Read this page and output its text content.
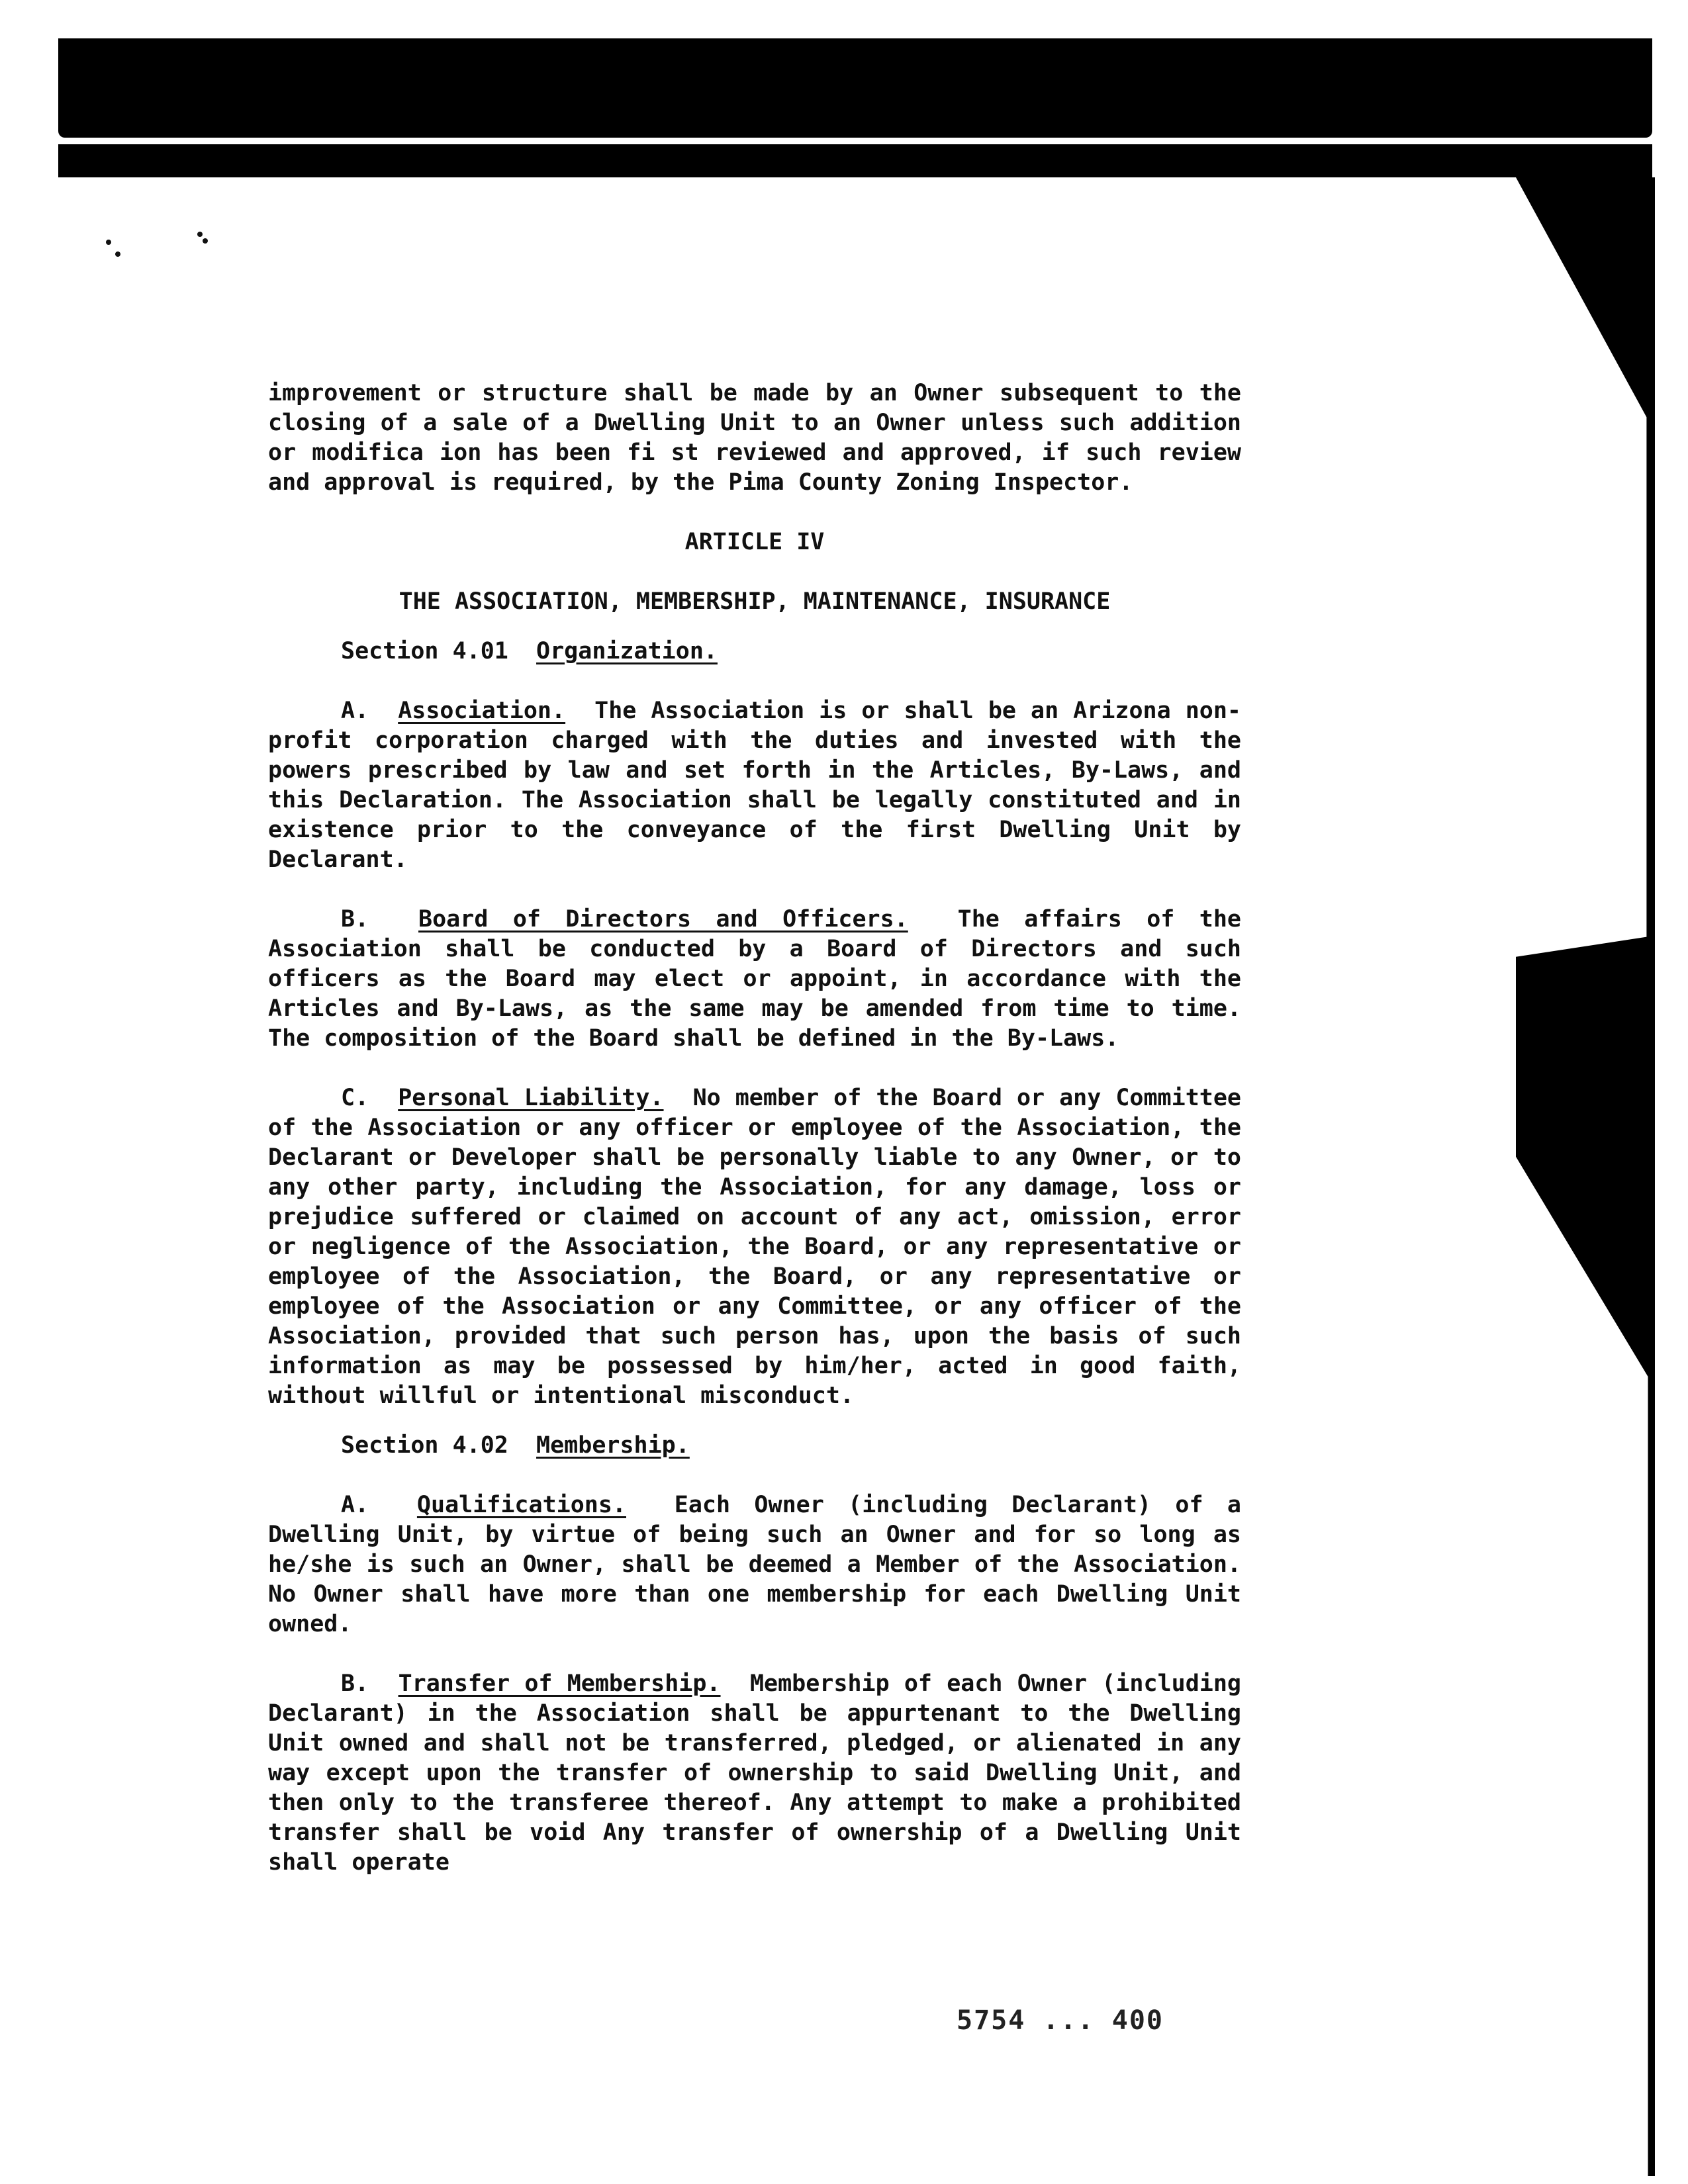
improvement or structure shall be made by an Owner subsequent to the closing of a sale of a Dwelling Unit to an Owner unless such addition or modifica ion has been fi st reviewed and approved, if such review and approval is required, by the Pima County Zoning Inspector.

ARTICLE IV

THE ASSOCIATION, MEMBERSHIP, MAINTENANCE, INSURANCE

Section 4.01 Organization.

A. Association. The Association is or shall be an Arizona non-profit corporation charged with the duties and invested with the powers prescribed by law and set forth in the Articles, By-Laws, and this Declaration. The Association shall be legally constituted and in existence prior to the conveyance of the first Dwelling Unit by Declarant.

B. Board of Directors and Officers. The affairs of the Association shall be conducted by a Board of Directors and such officers as the Board may elect or appoint, in accordance with the Articles and By-Laws, as the same may be amended from time to time. The composition of the Board shall be defined in the By-Laws.

C. Personal Liability. No member of the Board or any Committee of the Association or any officer or employee of the Association, the Declarant or Developer shall be personally liable to any Owner, or to any other party, including the Association, for any damage, loss or prejudice suffered or claimed on account of any act, omission, error or negligence of the Association, the Board, or any representative or employee of the Association, the Board, or any representative or employee of the Association or any Committee, or any officer of the Association, provided that such person has, upon the basis of such information as may be possessed by him/her, acted in good faith, without willful or intentional misconduct.

Section 4.02 Membership.

A. Qualifications. Each Owner (including Declarant) of a Dwelling Unit, by virtue of being such an Owner and for so long as he/she is such an Owner, shall be deemed a Member of the Association. No Owner shall have more than one membership for each Dwelling Unit owned.

B. Transfer of Membership. Membership of each Owner (including Declarant) in the Association shall be appurtenant to the Dwelling Unit owned and shall not be transferred, pledged, or alienated in any way except upon the transfer of ownership to said Dwelling Unit, and then only to the transferee thereof. Any attempt to make a prohibited transfer shall be void Any transfer of ownership of a Dwelling Unit shall operate

5754 ... 400
